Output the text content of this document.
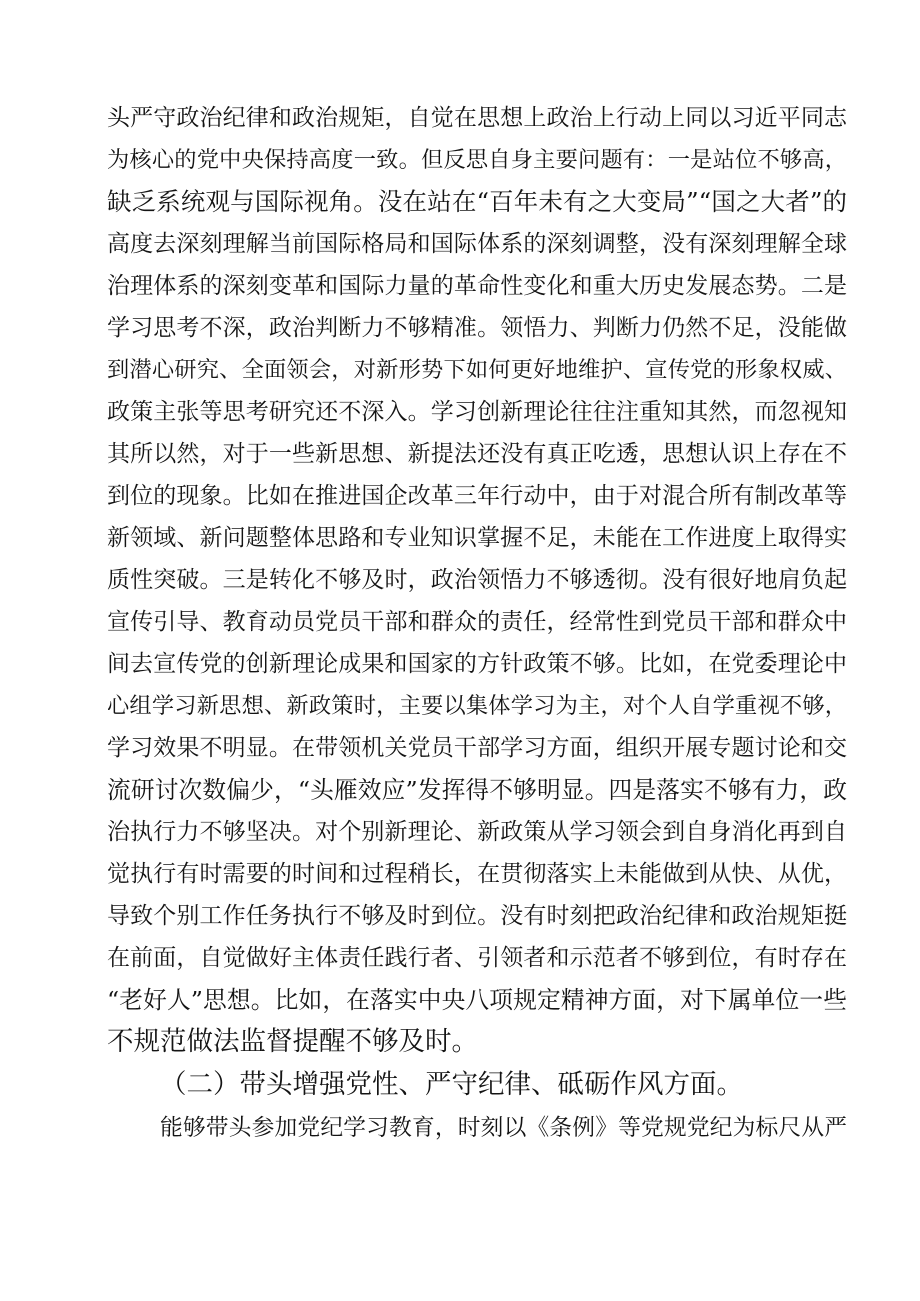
头严守政治纪律和政治规矩，自觉在思想上政治上行动上同以习近平同志
为核心的党中央保持高度一致。但反思自身主要问题有：一是站位不够高，
缺乏系统观与国际视角。没在站在“百年未有之大变局”“国之大者”的
高度去深刻理解当前国际格局和国际体系的深刻调整，没有深刻理解全球
治理体系的深刻变革和国际力量的革命性变化和重大历史发展态势。二是
学习思考不深，政治判断力不够精准。领悟力、判断力仍然不足，没能做
到潜心研究、全面领会，对新形势下如何更好地维护、宣传党的形象权威、
政策主张等思考研究还不深入。学习创新理论往往注重知其然，而忽视知
其所以然，对于一些新思想、新提法还没有真正吃透，思想认识上存在不
到位的现象。比如在推进国企改革三年行动中，由于对混合所有制改革等
新领域、新问题整体思路和专业知识掌握不足，未能在工作进度上取得实
质性突破。三是转化不够及时，政治领悟力不够透彻。没有很好地肩负起
宣传引导、教育动员党员干部和群众的责任，经常性到党员干部和群众中
间去宣传党的创新理论成果和国家的方针政策不够。比如，在党委理论中
心组学习新思想、新政策时，主要以集体学习为主，对个人自学重视不够，
学习效果不明显。在带领机关党员干部学习方面，组织开展专题讨论和交
流研讨次数偏少，“头雁效应”发挥得不够明显。四是落实不够有力，政
治执行力不够坚决。对个别新理论、新政策从学习领会到自身消化再到自
觉执行有时需要的时间和过程稍长，在贯彻落实上未能做到从快、从优，
导致个别工作任务执行不够及时到位。没有时刻把政治纪律和政治规矩挺
在前面，自觉做好主体责任践行者、引领者和示范者不够到位，有时存在
“老好人”思想。比如，在落实中央八项规定精神方面，对下属单位一些
不规范做法监督提醒不够及时。
（二）带头增强党性、严守纪律、砥砺作风方面。
能够带头参加党纪学习教育，时刻以《条例》等党规党纪为标尺从严
